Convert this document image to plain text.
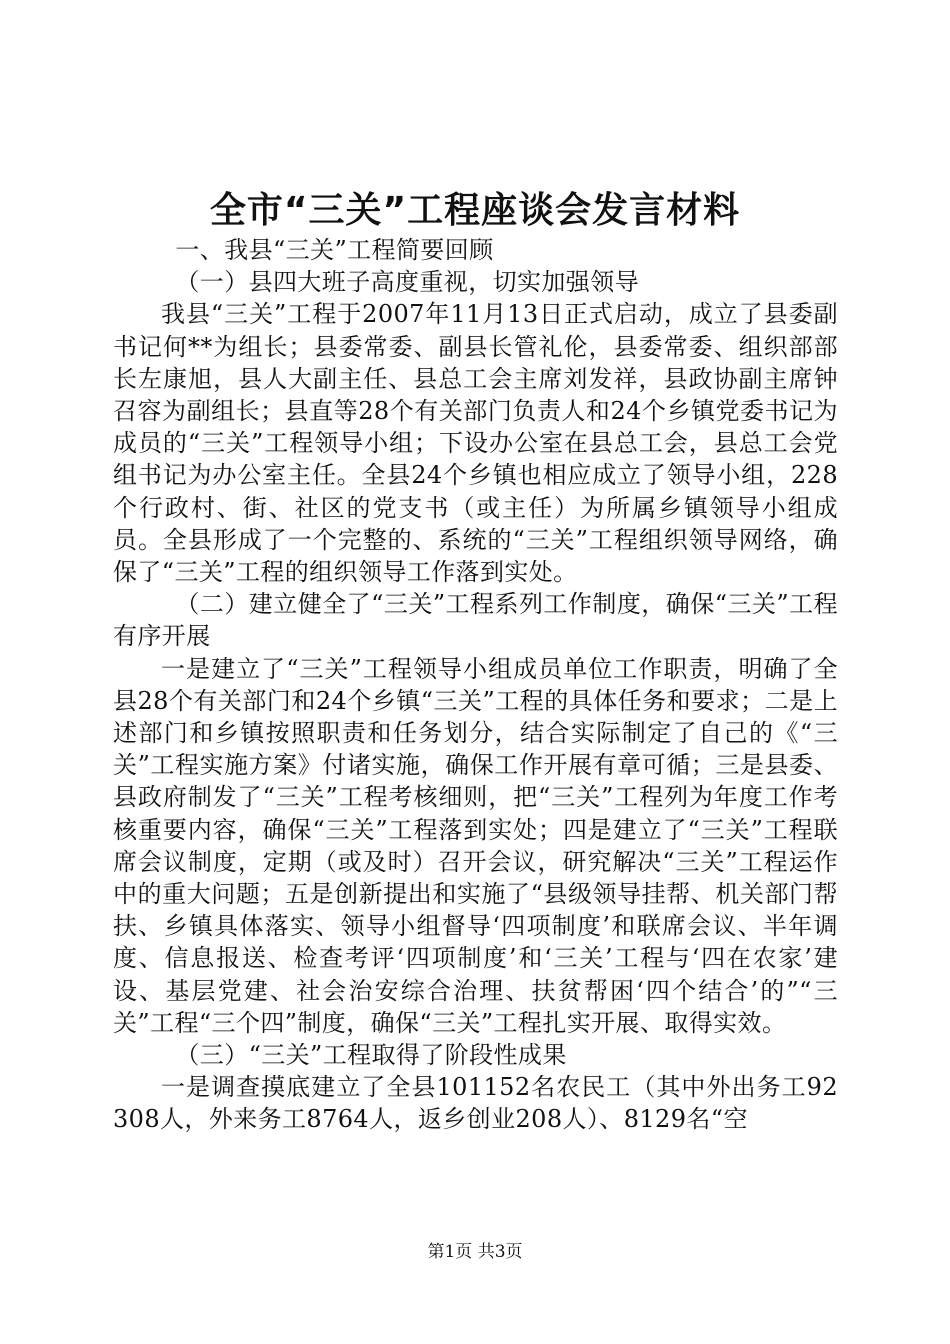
全市“三关”工程座谈会发言材料

一、我县“三关”工程简要回顾

（一）县四大班子高度重视，切实加强领导

我县“三关”工程于2007年11月13日正式启动，成立了县委副书记何**为组长；县委常委、副县长管礼伦，县委常委、组织部部长左康旭，县人大副主任、县总工会主席刘发祥，县政协副主席钟召容为副组长；县直等28个有关部门负责人和24个乡镇党委书记为成员的“三关”工程领导小组；下设办公室在县总工会，县总工会党组书记为办公室主任。全县24个乡镇也相应成立了领导小组，228个行政村、街、社区的党支书（或主任）为所属乡镇领导小组成员。全县形成了一个完整的、系统的“三关”工程组织领导网络，确保了“三关”工程的组织领导工作落到实处。

（二）建立健全了“三关”工程系列工作制度，确保“三关”工程有序开展

一是建立了“三关”工程领导小组成员单位工作职责，明确了全县28个有关部门和24个乡镇“三关”工程的具体任务和要求；二是上述部门和乡镇按照职责和任务划分，结合实际制定了自己的《“三关”工程实施方案》付诸实施，确保工作开展有章可循；三是县委、县政府制发了“三关”工程考核细则，把“三关”工程列为年度工作考核重要内容，确保“三关”工程落到实处；四是建立了“三关”工程联席会议制度，定期（或及时）召开会议，研究解决“三关”工程运作中的重大问题；五是创新提出和实施了“县级领导挂帮、机关部门帮扶、乡镇具体落实、领导小组督导‘四项制度’和联席会议、半年调度、信息报送、检查考评‘四项制度’和‘三关’工程与‘四在农家’建设、基层党建、社会治安综合治理、扶贫帮困‘四个结合’的”“三关”工程“三个四”制度，确保“三关”工程扎实开展、取得实效。

（三）“三关”工程取得了阶段性成果

一是调查摸底建立了全县101152名农民工（其中外出务工92308人，外来务工8764人，返乡创业208人）、8129名“空

第1页 共3页
